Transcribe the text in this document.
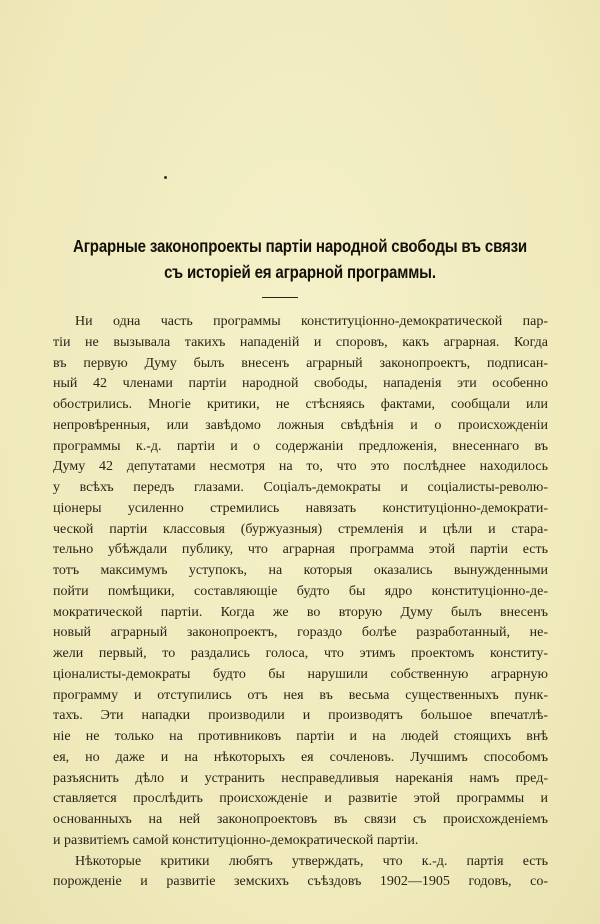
Аграрные законопроекты партіи народной свободы въ связи
съ исторіей ея аграрной программы.
Ни одна часть программы конституціонно-демократической пар-
тіи не вызывала такихъ нападеній и споровъ, какъ аграрная. Когда
въ первую Думу былъ внесенъ аграрный законопроектъ, подписан-
ный 42 членами партіи народной свободы, нападенія эти особенно
обострились. Многіе критики, не стѣсняясь фактами, сообщали или
непровѣренныя, или завѣдомо ложныя свѣдѣнія и о происхожденіи
программы к.-д. партіи и о содержаніи предложенія, внесеннаго въ
Думу 42 депутатами несмотря на то, что это послѣднее находилось
у всѣхъ передъ глазами. Соціалъ-демократы и соціалисты-револю-
ціонеры усиленно стремились навязать конституціонно-демократи-
ческой партіи классовыя (буржуазныя) стремленія и цѣли и стара-
тельно убѣждали публику, что аграрная программа этой партіи есть
тотъ максимумъ уступокъ, на которыя оказались вынужденными
пойти помѣщики, составляющіе будто бы ядро конституціонно-де-
мократической партіи. Когда же во вторую Думу былъ внесенъ
новый аграрный законопроектъ, гораздо болѣе разработанный, не-
жели первый, то раздались голоса, что этимъ проектомъ конститу-
ціоналисты-демократы будто бы нарушили собственную аграрную
программу и отступились отъ нея въ весьма существенныхъ пунк-
тахъ. Эти нападки производили и производятъ большое впечатлѣ-
ніе не только на противниковъ партіи и на людей стоящихъ внѣ
ея, но даже и на нѣкоторыхъ ея сочленовъ. Лучшимъ способомъ
разъяснить дѣло и устранить несправедливыя нареканія намъ пред-
ставляется прослѣдить происхожденіе и развитіе этой программы и
основанныхъ на ней законопроектовъ въ связи съ происхожденіемъ
и развитіемъ самой конституціонно-демократической партіи.
Нѣкоторые критики любятъ утверждать, что к.-д. партія есть
порожденіе и развитіе земскихъ съѣздовъ 1902—1905 годовъ, со-
